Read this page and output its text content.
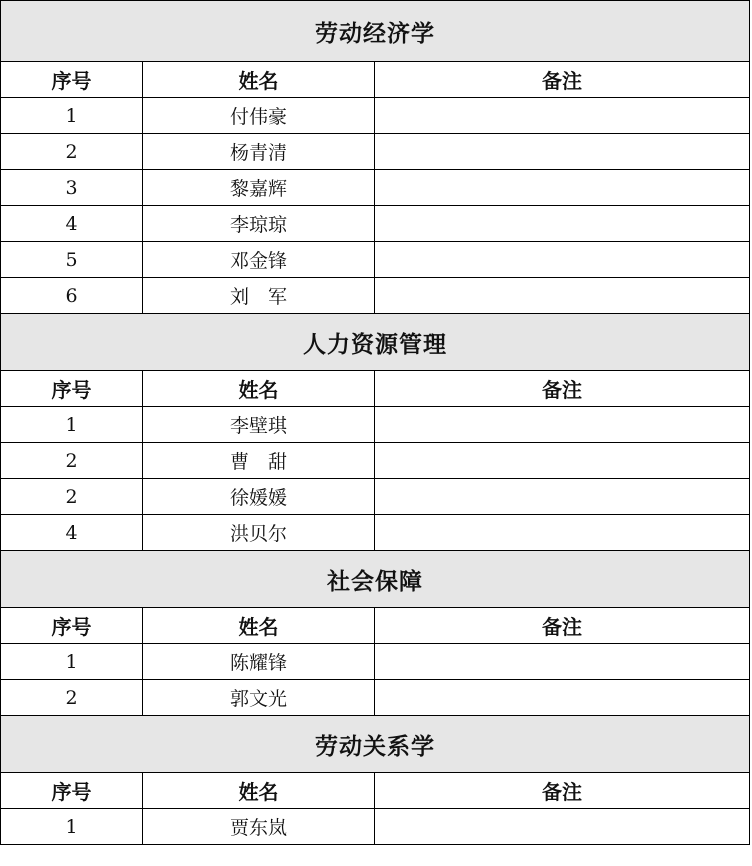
劳动经济学		
序号	姓名	备注
1	付伟豪	
2	杨青清	
3	黎嘉辉	
4	李琼琼	
5	邓金锋	
6	刘　军	
人力资源管理		
序号	姓名	备注
1	李壁琪	
2	曹　甜	
2	徐媛媛	
4	洪贝尔	
社会保障		
序号	姓名	备注
1	陈耀锋	
2	郭文光	
劳动关系学		
序号	姓名	备注
1	贾东岚	
